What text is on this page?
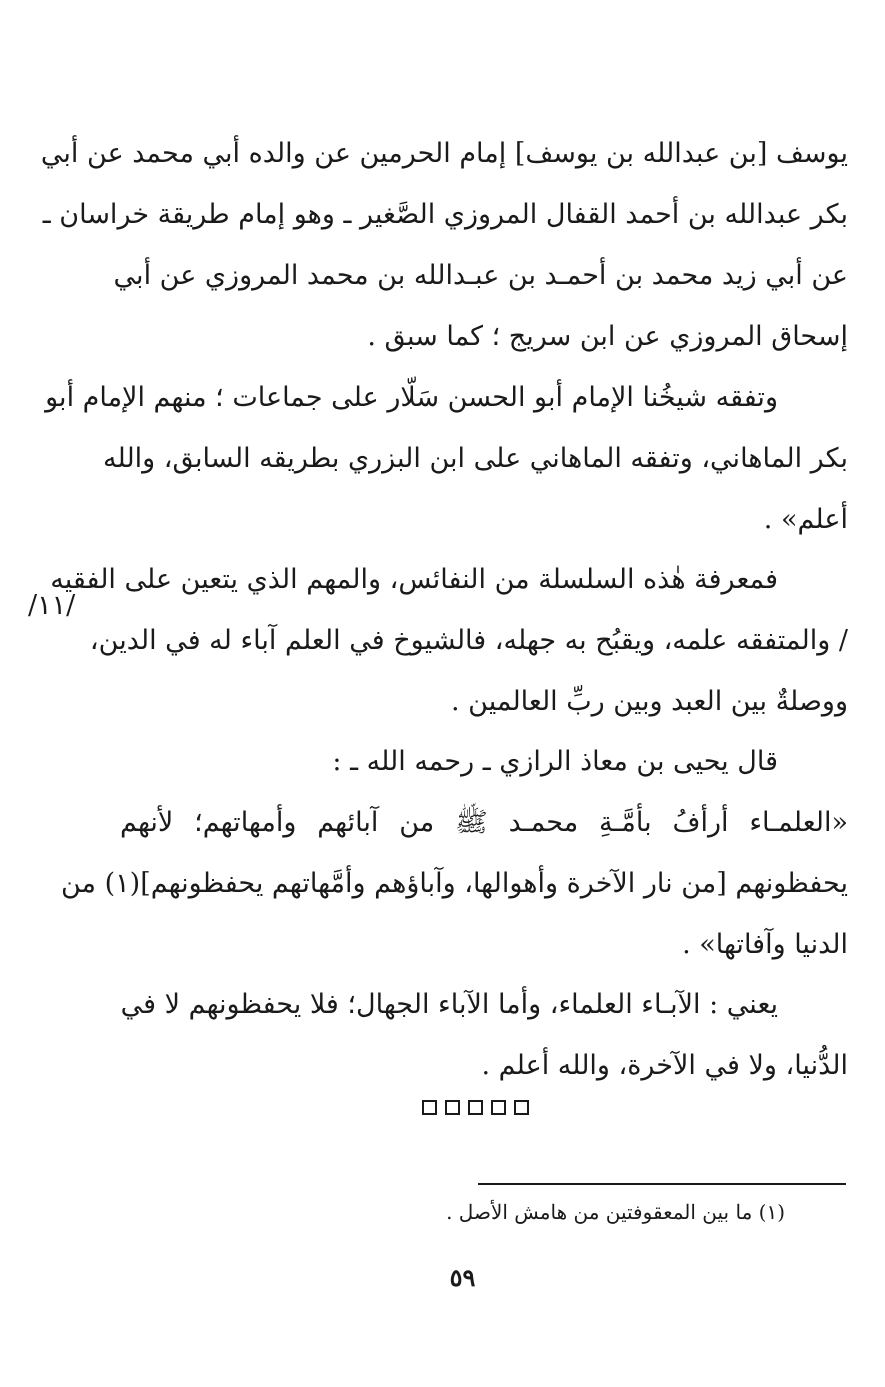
يوسف [بن عبدالله بن يوسف] إمام الحرمين عن والده أبي محمد عن أبي
بكر عبدالله بن أحمد القفال المروزي الصَّغير ـ وهو إمام طريقة خراسان ـ
عن أبي زيد محمد بن أحمـد بن عبـدالله بن محمد المروزي عن أبي
إسحاق المروزي عن ابن سريج ؛ كما سبق .
وتفقه شيخُنا الإمام أبو الحسن سَلّار على جماعات ؛ منهم الإمام أبو
بكر الماهاني، وتفقه الماهاني على ابن البزري بطريقه السابق، والله
أعلم» .
فمعرفة هٰذه السلسلة من النفائس، والمهم الذي يتعين على الفقيه
/ والمتفقه علمه، ويقبُح به جهله، فالشيوخ في العلم آباء له في الدين،
ووصلةٌ بين العبد وبين ربِّ العالمين .
قال يحيى بن معاذ الرازي ـ رحمه الله ـ :
«العلمـاء أرأفُ بأمَّـةِ محمـد ﷺ من آبائهم وأمهاتهم؛ لأنهم
يحفظونهم [من نار الآخرة وأهوالها، وآباؤهم وأمَّهاتهم يحفظونهم](١) من
الدنيا وآفاتها» .
يعني : الآبـاء العلماء، وأما الآباء الجهال؛ فلا يحفظونهم لا في
الدُّنيا، ولا في الآخرة، والله أعلم .
/١١/
(١) ما بين المعقوفتين من هامش الأصل .
٥٩
